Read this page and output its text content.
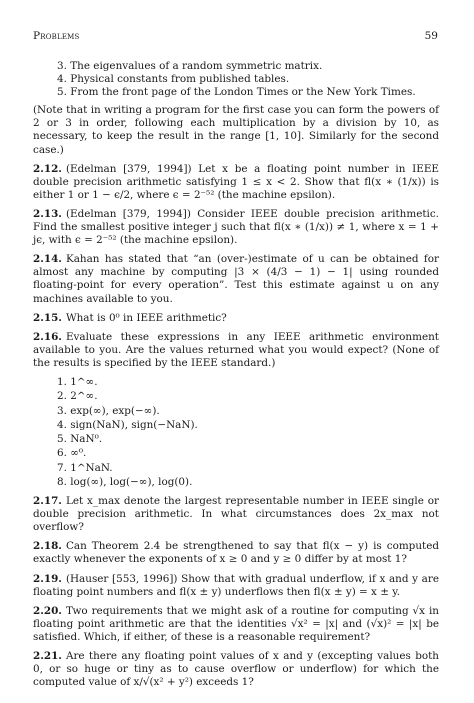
Problems	59
3. The eigenvalues of a random symmetric matrix.
4. Physical constants from published tables.
5. From the front page of the London Times or the New York Times.

(Note that in writing a program for the first case you can form the powers of 2 or 3 in order, following each multiplication by a division by 10, as necessary, to keep the result in the range [1, 10]. Similarly for the second case.)

2.12. (Edelman [379, 1994]) Let x be a floating point number in IEEE double precision arithmetic satisfying 1 ≤ x < 2. Show that fl(x ∗ (1/x)) is either 1 or 1 − ϵ/2, where ϵ = 2⁻⁵² (the machine epsilon).

2.13. (Edelman [379, 1994]) Consider IEEE double precision arithmetic. Find the smallest positive integer j such that fl(x ∗ (1/x)) ≠ 1, where x = 1 + jϵ, with ϵ = 2⁻⁵² (the machine epsilon).

2.14. Kahan has stated that “an (over-)estimate of u can be obtained for almost any machine by computing |3 × (4/3 − 1) − 1| using rounded floating-point for every operation”. Test this estimate against u on any machines available to you.

2.15. What is 0⁰ in IEEE arithmetic?

2.16. Evaluate these expressions in any IEEE arithmetic environment available to you. Are the values returned what you would expect? (None of the results is specified by the IEEE standard.)

1. 1^∞.
2. 2^∞.
3. exp(∞), exp(−∞).
4. sign(NaN), sign(−NaN).
5. NaN⁰.
6. ∞⁰.
7. 1^NaN.
8. log(∞), log(−∞), log(0).

2.17. Let x_max denote the largest representable number in IEEE single or double precision arithmetic. In what circumstances does 2x_max not overflow?

2.18. Can Theorem 2.4 be strengthened to say that fl(x − y) is computed exactly whenever the exponents of x ≥ 0 and y ≥ 0 differ by at most 1?

2.19. (Hauser [553, 1996]) Show that with gradual underflow, if x and y are floating point numbers and fl(x ± y) underflows then fl(x ± y) = x ± y.

2.20. Two requirements that we might ask of a routine for computing √x in floating point arithmetic are that the identities √x² = |x| and (√x)² = |x| be satisfied. Which, if either, of these is a reasonable requirement?

2.21. Are there any floating point values of x and y (excepting values both 0, or so huge or tiny as to cause overflow or underflow) for which the computed value of x/√(x² + y²) exceeds 1?
